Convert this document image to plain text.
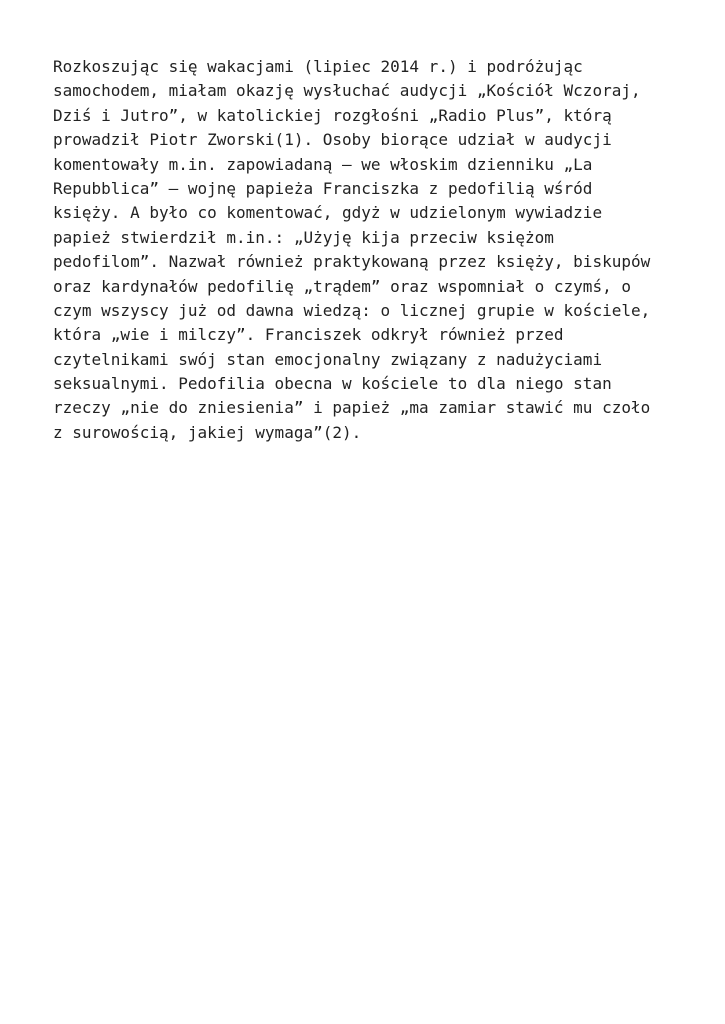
Rozkoszując się wakacjami (lipiec 2014 r.) i podróżując
samochodem, miałam okazję wysłuchać audycji „Kościół Wczoraj,
Dziś i Jutro”, w katolickiej rozgłośni „Radio Plus”, którą
prowadził Piotr Zworski(1). Osoby biorące udział w audycji
komentowały m.in. zapowiadaną – we włoskim dzienniku „La
Repubblica” – wojnę papieża Franciszka z pedofilią wśród
księży. A było co komentować, gdyż w udzielonym wywiadzie
papież stwierdził m.in.: „Użyję kija przeciw księżom
pedofilom”. Nazwał również praktykowaną przez księży, biskupów
oraz kardynałów pedofilię „trądem” oraz wspomniał o czymś, o
czym wszyscy już od dawna wiedzą: o licznej grupie w kościele,
która „wie i milczy”. Franciszek odkrył również przed
czytelnikami swój stan emocjonalny związany z nadużyciami
seksualnymi. Pedofilia obecna w kościele to dla niego stan
rzeczy „nie do zniesienia” i papież „ma zamiar stawić mu czoło
z surowością, jakiej wymaga”(2).
